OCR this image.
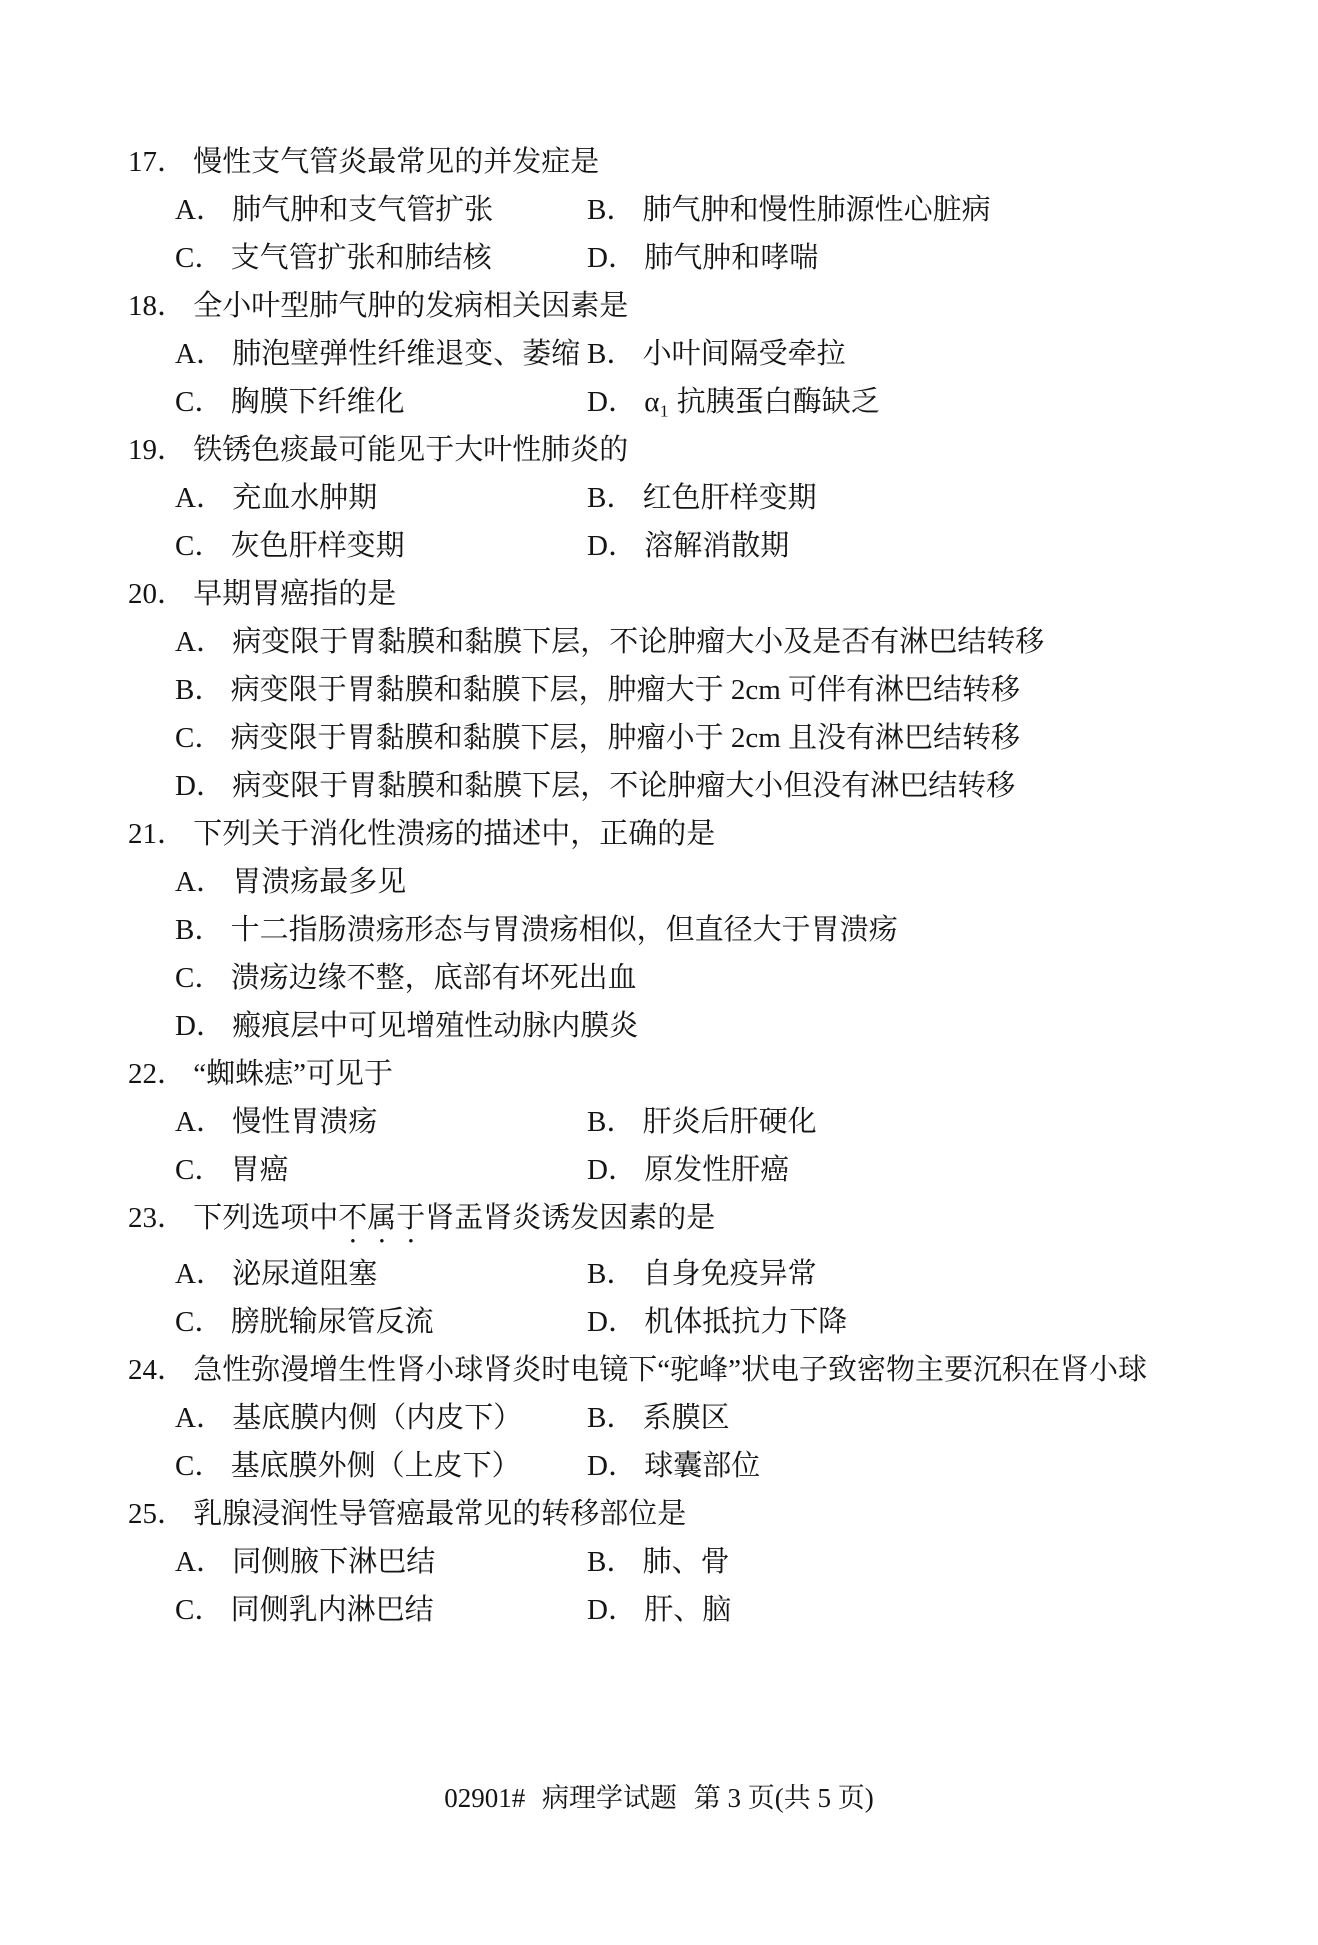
17． 慢性支气管炎最常见的并发症是
A． 肺气肿和支气管扩张	B． 肺气肿和慢性肺源性心脏病
C． 支气管扩张和肺结核	D． 肺气肿和哮喘
18． 全小叶型肺气肿的发病相关因素是
A． 肺泡壁弹性纤维退变、萎缩 B． 小叶间隔受牵拉
C． 胸膜下纤维化	D． α₁ 抗胰蛋白酶缺乏
19． 铁锈色痰最可能见于大叶性肺炎的
A． 充血水肿期	B． 红色肝样变期
C． 灰色肝样变期	D． 溶解消散期
20． 早期胃癌指的是
A． 病变限于胃黏膜和黏膜下层，不论肿瘤大小及是否有淋巴结转移
B． 病变限于胃黏膜和黏膜下层，肿瘤大于 2cm 可伴有淋巴结转移
C． 病变限于胃黏膜和黏膜下层，肿瘤小于 2cm 且没有淋巴结转移
D． 病变限于胃黏膜和黏膜下层，不论肿瘤大小但没有淋巴结转移
21． 下列关于消化性溃疡的描述中，正确的是
A． 胃溃疡最多见
B． 十二指肠溃疡形态与胃溃疡相似，但直径大于胃溃疡
C． 溃疡边缘不整，底部有坏死出血
D． 瘢痕层中可见增殖性动脉内膜炎
22． “蜘蛛痣”可见于
A． 慢性胃溃疡	B． 肝炎后肝硬化
C． 胃癌	D． 原发性肝癌
23． 下列选项中不属于肾盂肾炎诱发因素的是
A． 泌尿道阻塞	B． 自身免疫异常
C． 膀胱输尿管反流	D． 机体抵抗力下降
24． 急性弥漫增生性肾小球肾炎时电镜下“驼峰”状电子致密物主要沉积在肾小球
A． 基底膜内侧（内皮下）	B． 系膜区
C． 基底膜外侧（上皮下）	D． 球囊部位
25． 乳腺浸润性导管癌最常见的转移部位是
A． 同侧腋下淋巴结	B． 肺、骨
C． 同侧乳内淋巴结	D． 肝、脑
02901# 病理学试题 第 3 页(共 5 页)
